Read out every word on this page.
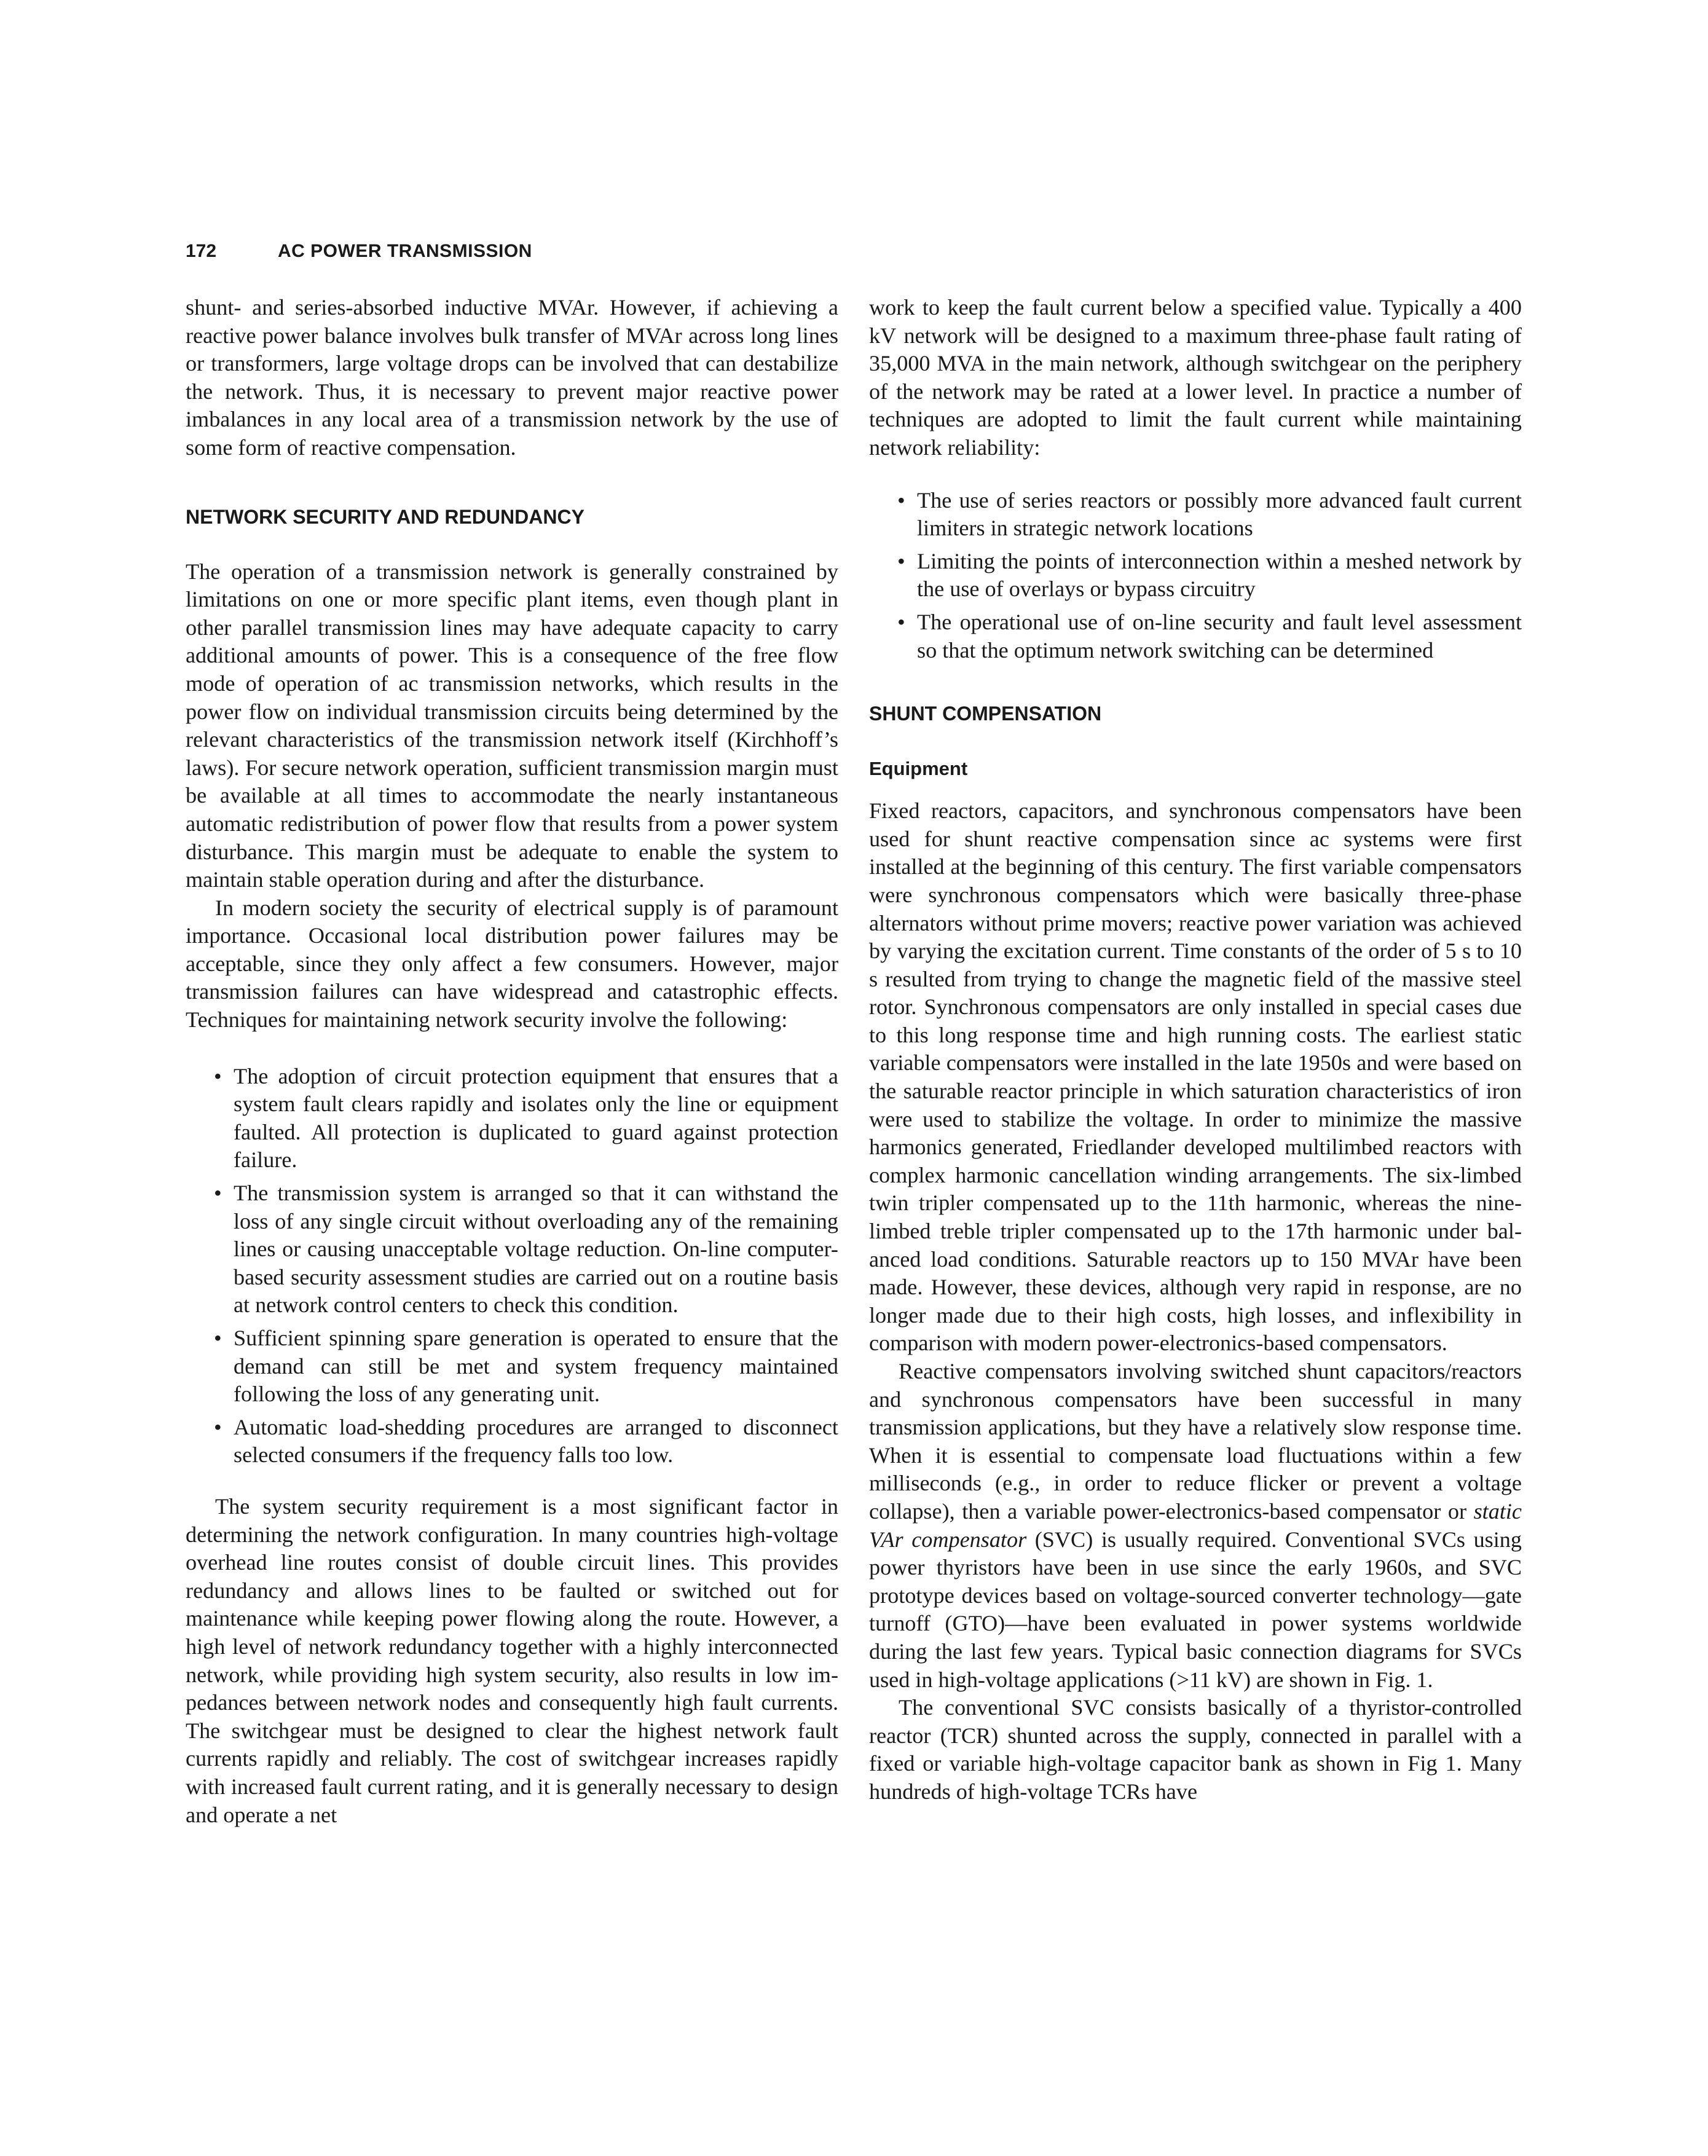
172	AC POWER TRANSMISSION

shunt- and series-absorbed inductive MVAr. However, if achieving a reactive power balance involves bulk transfer of MVAr across long lines or transformers, large voltage drops can be involved that can destabilize the network. Thus, it is necessary to prevent major reactive power imbalances in any local area of a transmission network by the use of some form of reactive compensation.

NETWORK SECURITY AND REDUNDANCY

The operation of a transmission network is generally constrained by limitations on one or more specific plant items, even though plant in other parallel transmission lines may have adequate capacity to carry additional amounts of power. This is a consequence of the free flow mode of operation of ac transmission networks, which results in the power flow on individual transmission circuits being determined by the relevant characteristics of the transmission network itself (Kirchhoff’s laws). For secure network operation, sufficient transmission margin must be available at all times to accommodate the nearly instantaneous automatic redistribution of power flow that results from a power system disturbance. This margin must be adequate to enable the system to maintain stable operation during and after the disturbance.

In modern society the security of electrical supply is of paramount importance. Occasional local distribution power failures may be acceptable, since they only affect a few consumers. However, major transmission failures can have widespread and catastrophic effects. Techniques for maintaining network security involve the following:

• The adoption of circuit protection equipment that ensures that a system fault clears rapidly and isolates only the line or equipment faulted. All protection is duplicated to guard against protection failure.
• The transmission system is arranged so that it can withstand the loss of any single circuit without overloading any of the remaining lines or causing unacceptable voltage reduction. On-line computer-based security assessment studies are carried out on a routine basis at network control centers to check this condition.
• Sufficient spinning spare generation is operated to ensure that the demand can still be met and system frequency maintained following the loss of any generating unit.
• Automatic load-shedding procedures are arranged to disconnect selected consumers if the frequency falls too low.

The system security requirement is a most significant factor in determining the network configuration. In many countries high-voltage overhead line routes consist of double circuit lines. This provides redundancy and allows lines to be faulted or switched out for maintenance while keeping power flowing along the route. However, a high level of network redundancy together with a highly interconnected network, while providing high system security, also results in low impedances between network nodes and consequently high fault currents. The switchgear must be designed to clear the highest network fault currents rapidly and reliably. The cost of switchgear increases rapidly with increased fault current rating, and it is generally necessary to design and operate a net

work to keep the fault current below a specified value. Typically a 400 kV network will be designed to a maximum three-phase fault rating of 35,000 MVA in the main network, although switchgear on the periphery of the network may be rated at a lower level. In practice a number of techniques are adopted to limit the fault current while maintaining network reliability:

• The use of series reactors or possibly more advanced fault current limiters in strategic network locations
• Limiting the points of interconnection within a meshed network by the use of overlays or bypass circuitry
• The operational use of on-line security and fault level assessment so that the optimum network switching can be determined
SHUNT COMPENSATION
Equipment

Fixed reactors, capacitors, and synchronous compensators have been used for shunt reactive compensation since ac systems were first installed at the beginning of this century. The first variable compensators were synchronous compensators which were basically three-phase alternators without prime movers; reactive power variation was achieved by varying the excitation current. Time constants of the order of 5 s to 10 s resulted from trying to change the magnetic field of the massive steel rotor. Synchronous compensators are only installed in special cases due to this long response time and high running costs. The earliest static variable compensators were installed in the late 1950s and were based on the saturable reactor principle in which saturation characteristics of iron were used to stabilize the voltage. In order to minimize the massive harmonics generated, Friedlander developed multilimbed reactors with complex harmonic cancellation winding arrangements. The six-limbed twin tripler compensated up to the 11th harmonic, whereas the nine-limbed treble tripler compensated up to the 17th harmonic under balanced load conditions. Saturable reactors up to 150 MVAr have been made. However, these devices, although very rapid in response, are no longer made due to their high costs, high losses, and inflexibility in comparison with modern power-electronics-based compensators.

Reactive compensators involving switched shunt capacitors/reactors and synchronous compensators have been successful in many transmission applications, but they have a relatively slow response time. When it is essential to compensate load fluctuations within a few milliseconds (e.g., in order to reduce flicker or prevent a voltage collapse), then a variable power-electronics-based compensator or static VAr compensator (SVC) is usually required. Conventional SVCs using power thyristors have been in use since the early 1960s, and SVC prototype devices based on voltage-sourced converter technology—gate turnoff (GTO)—have been evaluated in power systems worldwide during the last few years. Typical basic connection diagrams for SVCs used in high-voltage applications (>11 kV) are shown in Fig. 1.

The conventional SVC consists basically of a thyristor-controlled reactor (TCR) shunted across the supply, connected in parallel with a fixed or variable high-voltage capacitor bank as shown in Fig 1. Many hundreds of high-voltage TCRs have
